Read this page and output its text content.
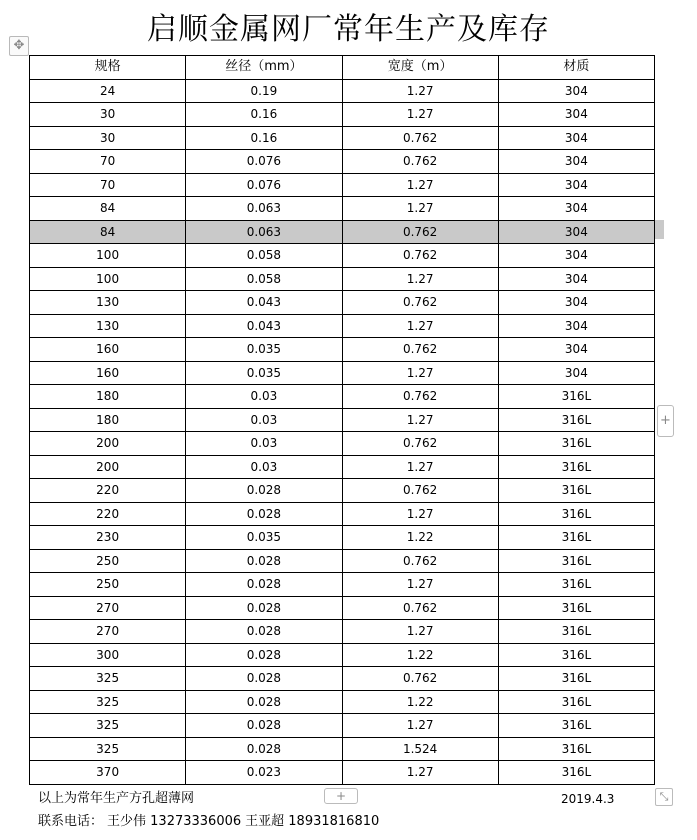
启顺金属网厂常年生产及库存
✥
规格	丝径（mm）	宽度（m）	材质
24	0.19	1.27	304
30	0.16	1.27	304
30	0.16	0.762	304
70	0.076	0.762	304
70	0.076	1.27	304
84	0.063	1.27	304
84	0.063	0.762	304
100	0.058	0.762	304
100	0.058	1.27	304
130	0.043	0.762	304
130	0.043	1.27	304
160	0.035	0.762	304
160	0.035	1.27	304
180	0.03	0.762	316L
180	0.03	1.27	316L
200	0.03	0.762	316L
200	0.03	1.27	316L
220	0.028	0.762	316L
220	0.028	1.27	316L
230	0.035	1.22	316L
250	0.028	0.762	316L
250	0.028	1.27	316L
270	0.028	0.762	316L
270	0.028	1.27	316L
300	0.028	1.22	316L
325	0.028	0.762	316L
325	0.028	1.22	316L
325	0.028	1.27	316L
325	0.028	1.524	316L
370	0.023	1.27	316L
+
+	⤡
以上为常年生产方孔超薄网	2019.4.3
联系电话： 王少伟 13273336006 王亚超 18931816810
